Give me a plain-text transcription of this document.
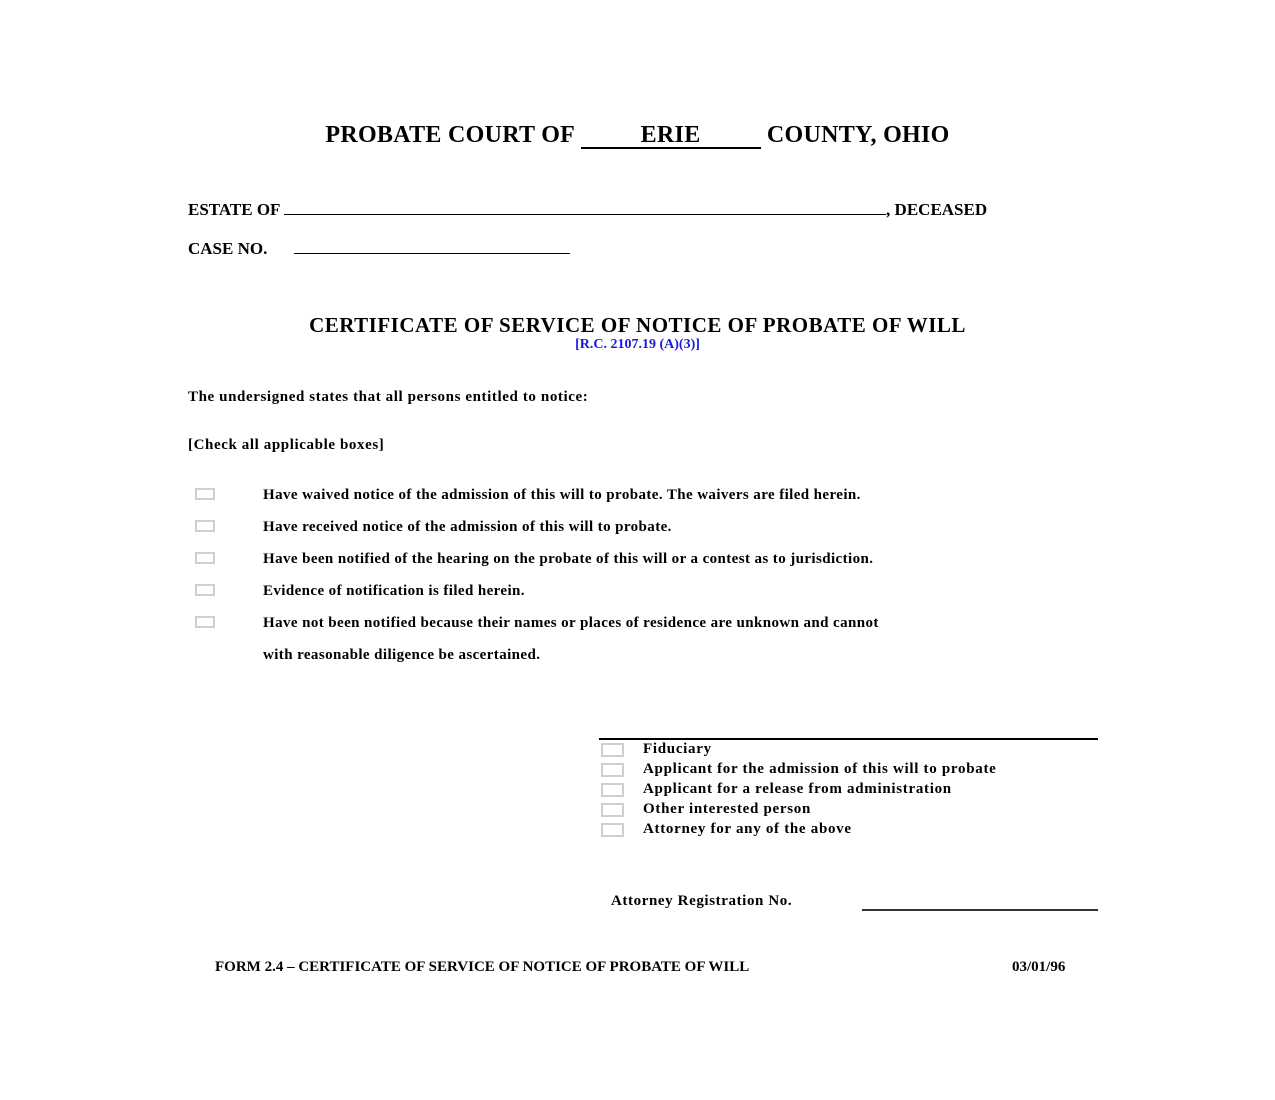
PROBATE COURT OF	ERIE	COUNTY, OHIO
ESTATE OF	, DECEASED
CASE NO.
CERTIFICATE OF SERVICE OF NOTICE OF PROBATE OF WILL
[R.C. 2107.19 (A)(3)]
The undersigned states that all persons entitled to notice:
[Check all applicable boxes]
Have waived notice of the admission of this will to probate. The waivers are filed herein.
Have received notice of the admission of this will to probate.
Have been notified of the hearing on the probate of this will or a contest as to jurisdiction.
Evidence of notification is filed herein.
Have not been notified because their names or places of residence are unknown and cannot
with reasonable diligence be ascertained.
Fiduciary
Applicant for the admission of this will to probate
Applicant for a release from administration
Other interested person
Attorney for any of the above
Attorney Registration No.
FORM 2.4 – CERTIFICATE OF SERVICE OF NOTICE OF PROBATE OF WILL	03/01/96
